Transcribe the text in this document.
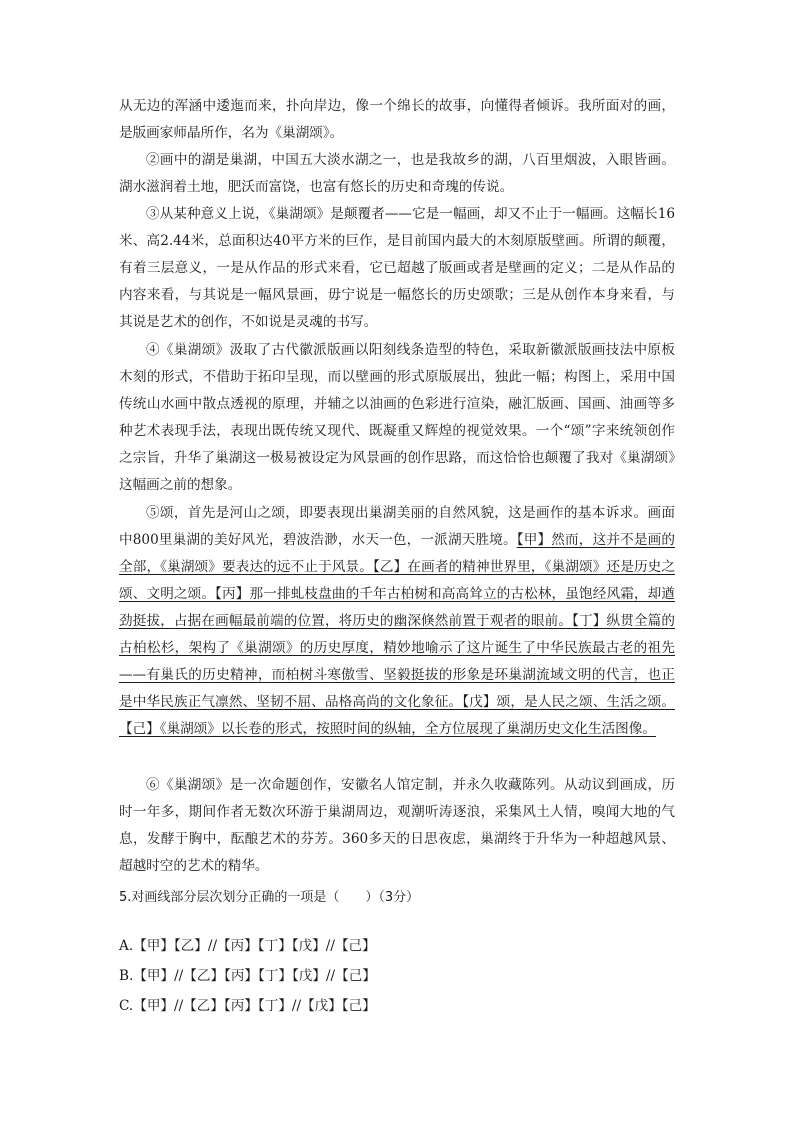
从无边的浑涵中逶迤而来，扑向岸边，像一个绵长的故事，向懂得者倾诉。我所面对的画，是版画家师晶所作，名为《巢湖颂》。

②画中的湖是巢湖，中国五大淡水湖之一，也是我故乡的湖，八百里烟波，入眼皆画。湖水滋润着土地，肥沃而富饶，也富有悠长的历史和奇瑰的传说。

③从某种意义上说，《巢湖颂》是颠覆者——它是一幅画，却又不止于一幅画。这幅长16米、高2.44米，总面积达40平方米的巨作，是目前国内最大的木刻原版壁画。所谓的颠覆，有着三层意义，一是从作品的形式来看，它已超越了版画或者是壁画的定义；二是从作品的内容来看，与其说是一幅风景画，毋宁说是一幅悠长的历史颂歌；三是从创作本身来看，与其说是艺术的创作，不如说是灵魂的书写。

④《巢湖颂》汲取了古代徽派版画以阳刻线条造型的特色，采取新徽派版画技法中原板木刻的形式，不借助于拓印呈现，而以壁画的形式原版展出，独此一幅；构图上，采用中国传统山水画中散点透视的原理，并辅之以油画的色彩进行渲染，融汇版画、国画、油画等多种艺术表现手法，表现出既传统又现代、既凝重又辉煌的视觉效果。一个“颂”字来统领创作之宗旨，升华了巢湖这一极易被设定为风景画的创作思路，而这恰恰也颠覆了我对《巢湖颂》这幅画之前的想象。

⑤颂，首先是河山之颂，即要表现出巢湖美丽的自然风貌，这是画作的基本诉求。画面中800里巢湖的美好风光，碧波浩渺，水天一色，一派湖天胜境。【甲】然而，这并不是画的全部，《巢湖颂》要表达的远不止于风景。【乙】在画者的精神世界里，《巢湖颂》还是历史之颂、文明之颂。【丙】那一排虬枝盘曲的千年古柏树和高高耸立的古松林，虽饱经风霜，却遒劲挺拔，占据在画幅最前端的位置，将历史的幽深倏然前置于观者的眼前。【丁】纵贯全篇的古柏松杉，架构了《巢湖颂》的历史厚度，精妙地喻示了这片诞生了中华民族最古老的祖先——有巢氏的历史精神，而柏树斗寒傲雪、坚毅挺拔的形象是环巢湖流域文明的代言，也正是中华民族正气凛然、坚韧不屈、品格高尚的文化象征。【戊】颂，是人民之颂、生活之颂。【己】《巢湖颂》以长卷的形式，按照时间的纵轴，全方位展现了巢湖历史文化生活图像。

⑥《巢湖颂》是一次命题创作，安徽名人馆定制，并永久收藏陈列。从动议到画成，历时一年多，期间作者无数次环游于巢湖周边，观潮听涛逐浪，采集风土人情，嗅闻大地的气息，发酵于胸中，酝酿艺术的芬芳。360多天的日思夜虑，巢湖终于升华为一种超越风景、超越时空的艺术的精华。

5.对画线部分层次划分正确的一项是（　　）（3分）

A.【甲】【乙】//【丙】【丁】【戊】//【己】

B.【甲】//【乙】【丙】【丁】【戊】//【己】

C.【甲】//【乙】【丙】【丁】//【戊】【己】
